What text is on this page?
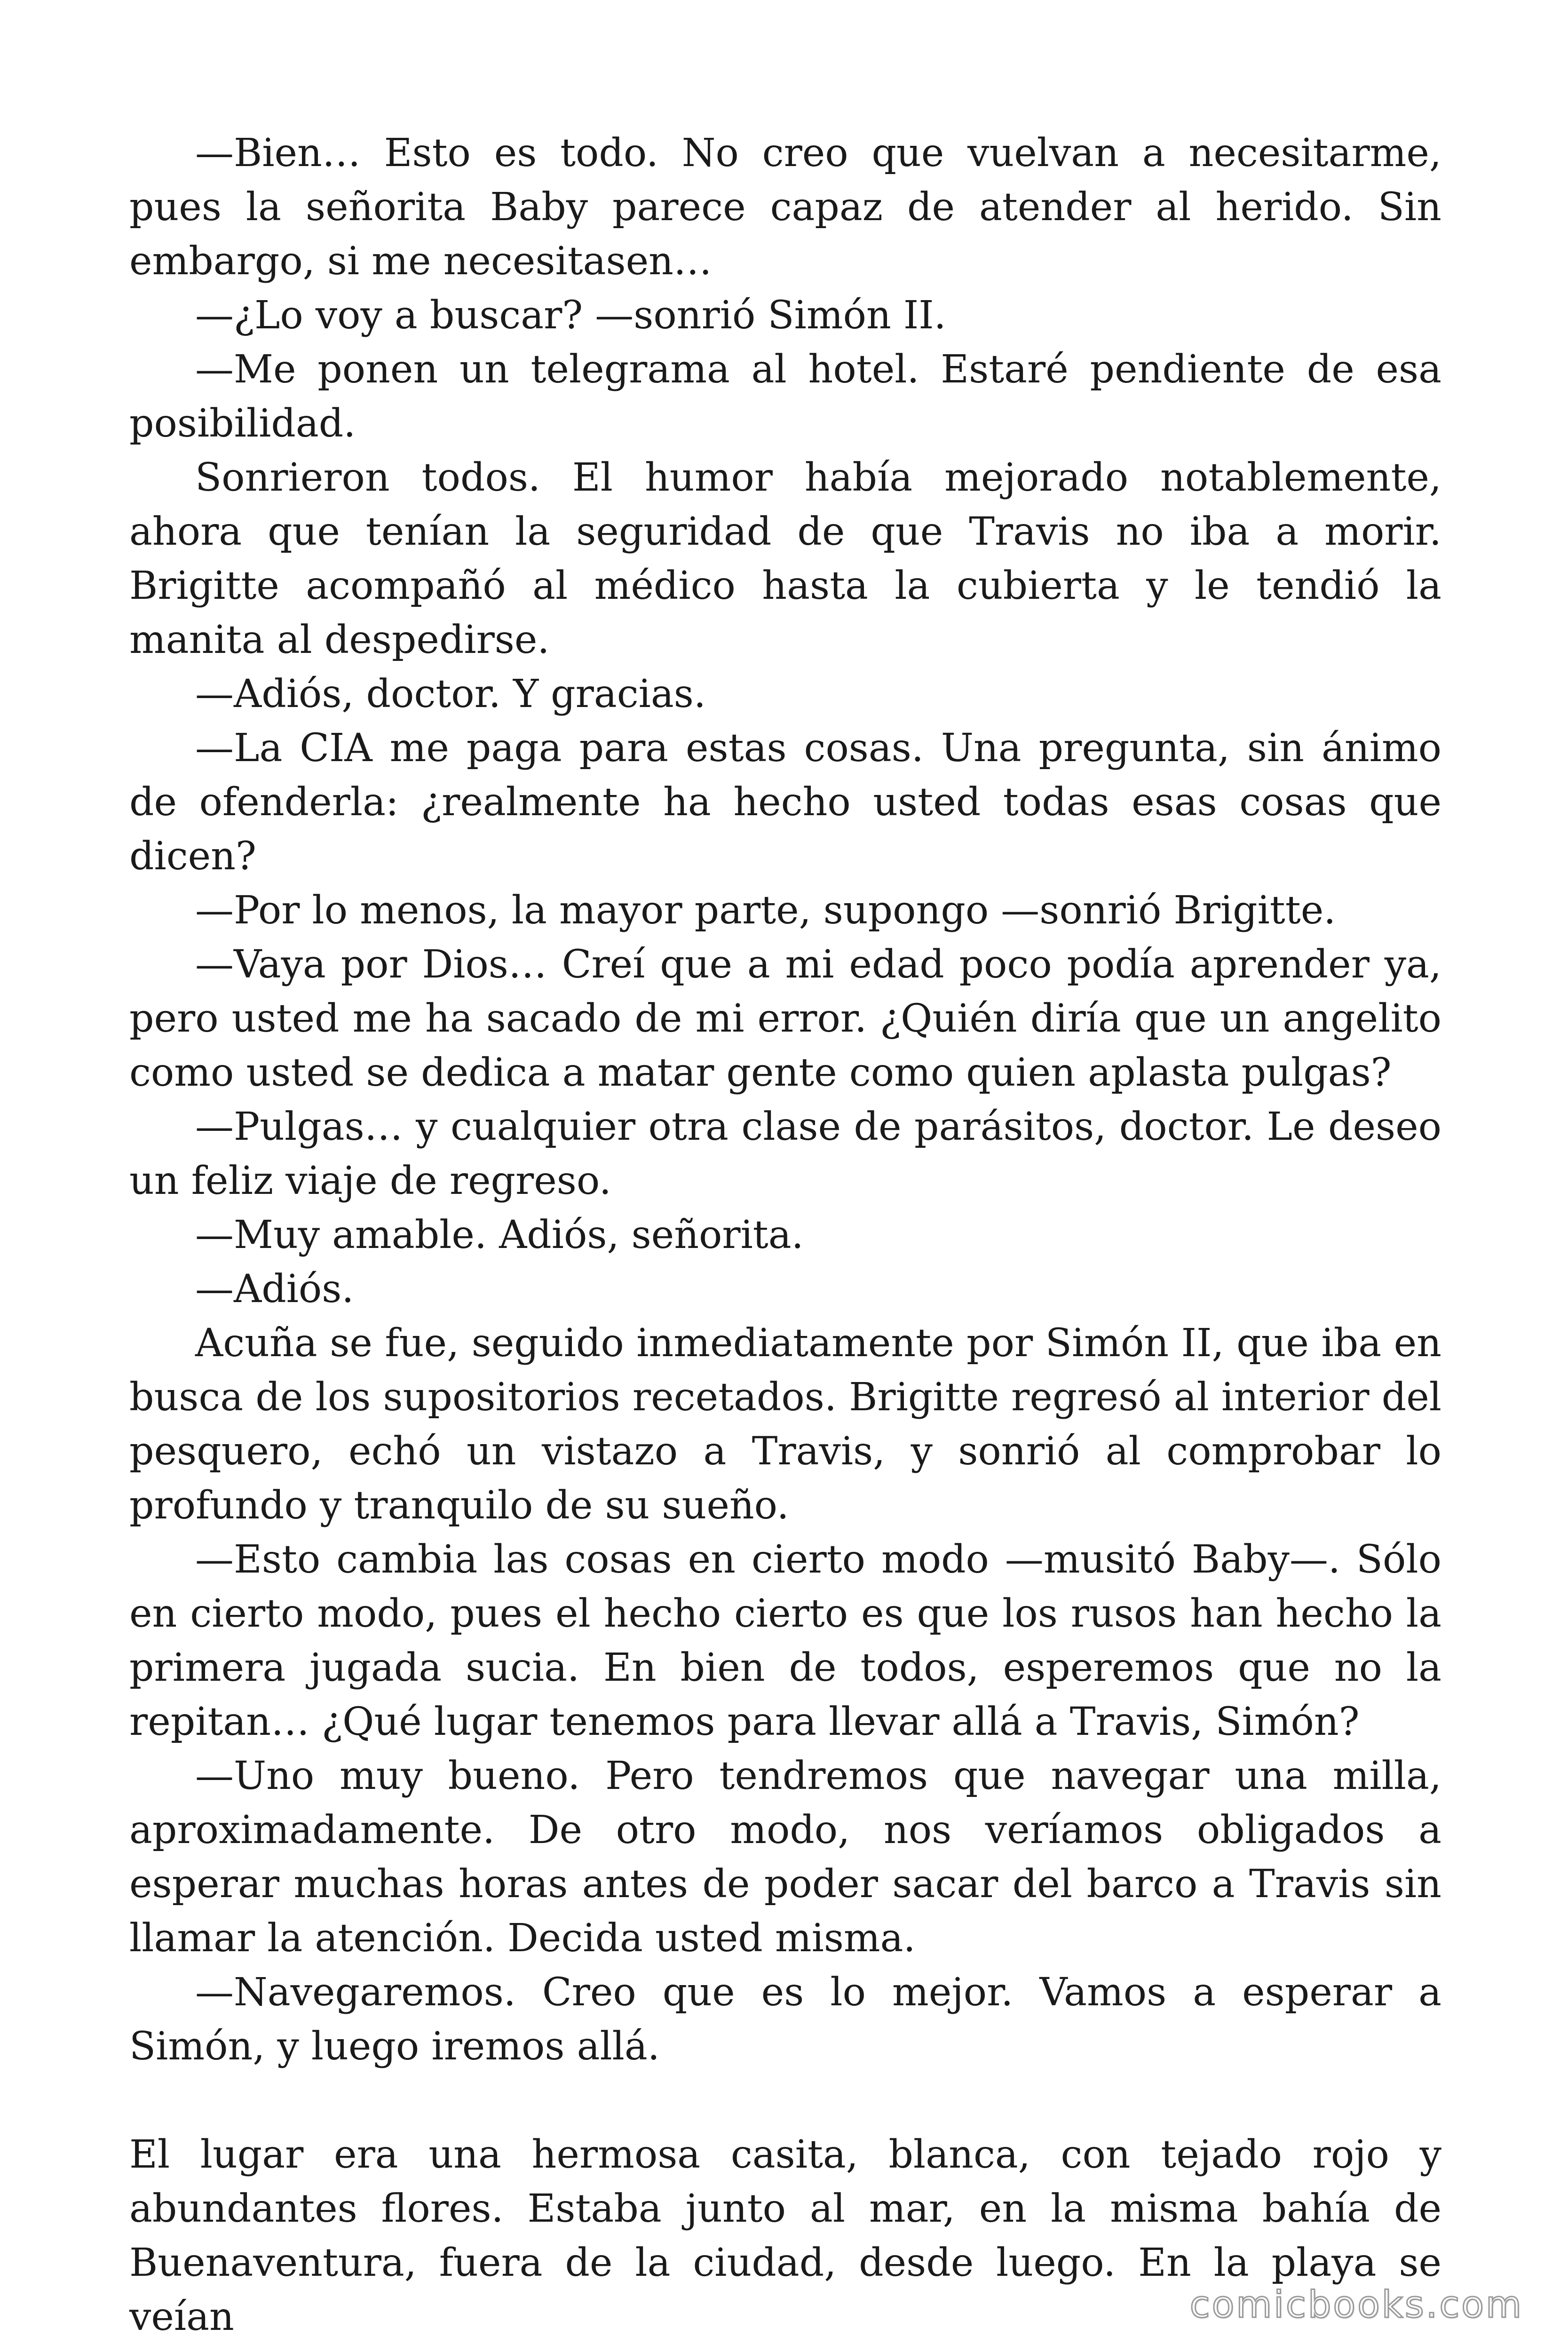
—Bien… Esto es todo. No creo que vuelvan a necesitarme, pues la señorita Baby parece capaz de atender al herido. Sin embargo, si me necesitasen…

—¿Lo voy a buscar? —sonrió Simón II.

—Me ponen un telegrama al hotel. Estaré pendiente de esa posibilidad.

Sonrieron todos. El humor había mejorado notablemente, ahora que tenían la seguridad de que Travis no iba a morir. Brigitte acompañó al médico hasta la cubierta y le tendió la manita al despedirse.

—Adiós, doctor. Y gracias.

—La CIA me paga para estas cosas. Una pregunta, sin ánimo de ofenderla: ¿realmente ha hecho usted todas esas cosas que dicen?

—Por lo menos, la mayor parte, supongo —sonrió Brigitte.

—Vaya por Dios… Creí que a mi edad poco podía aprender ya, pero usted me ha sacado de mi error. ¿Quién diría que un angelito como usted se dedica a matar gente como quien aplasta pulgas?

—Pulgas… y cualquier otra clase de parásitos, doctor. Le deseo un feliz viaje de regreso.

—Muy amable. Adiós, señorita.

—Adiós.

Acuña se fue, seguido inmediatamente por Simón II, que iba en busca de los supositorios recetados. Brigitte regresó al interior del pesquero, echó un vistazo a Travis, y sonrió al comprobar lo profundo y tranquilo de su sueño.

—Esto cambia las cosas en cierto modo —musitó Baby—. Sólo en cierto modo, pues el hecho cierto es que los rusos han hecho la primera jugada sucia. En bien de todos, esperemos que no la repitan… ¿Qué lugar tenemos para llevar allá a Travis, Simón?

—Uno muy bueno. Pero tendremos que navegar una milla, aproximadamente. De otro modo, nos veríamos obligados a esperar muchas horas antes de poder sacar del barco a Travis sin llamar la atención. Decida usted misma.

—Navegaremos. Creo que es lo mejor. Vamos a esperar a Simón, y luego iremos allá.

El lugar era una hermosa casita, blanca, con tejado rojo y abundantes flores. Estaba junto al mar, en la misma bahía de Buenaventura, fuera de la ciudad, desde luego. En la playa se veían	comicbooks.com
